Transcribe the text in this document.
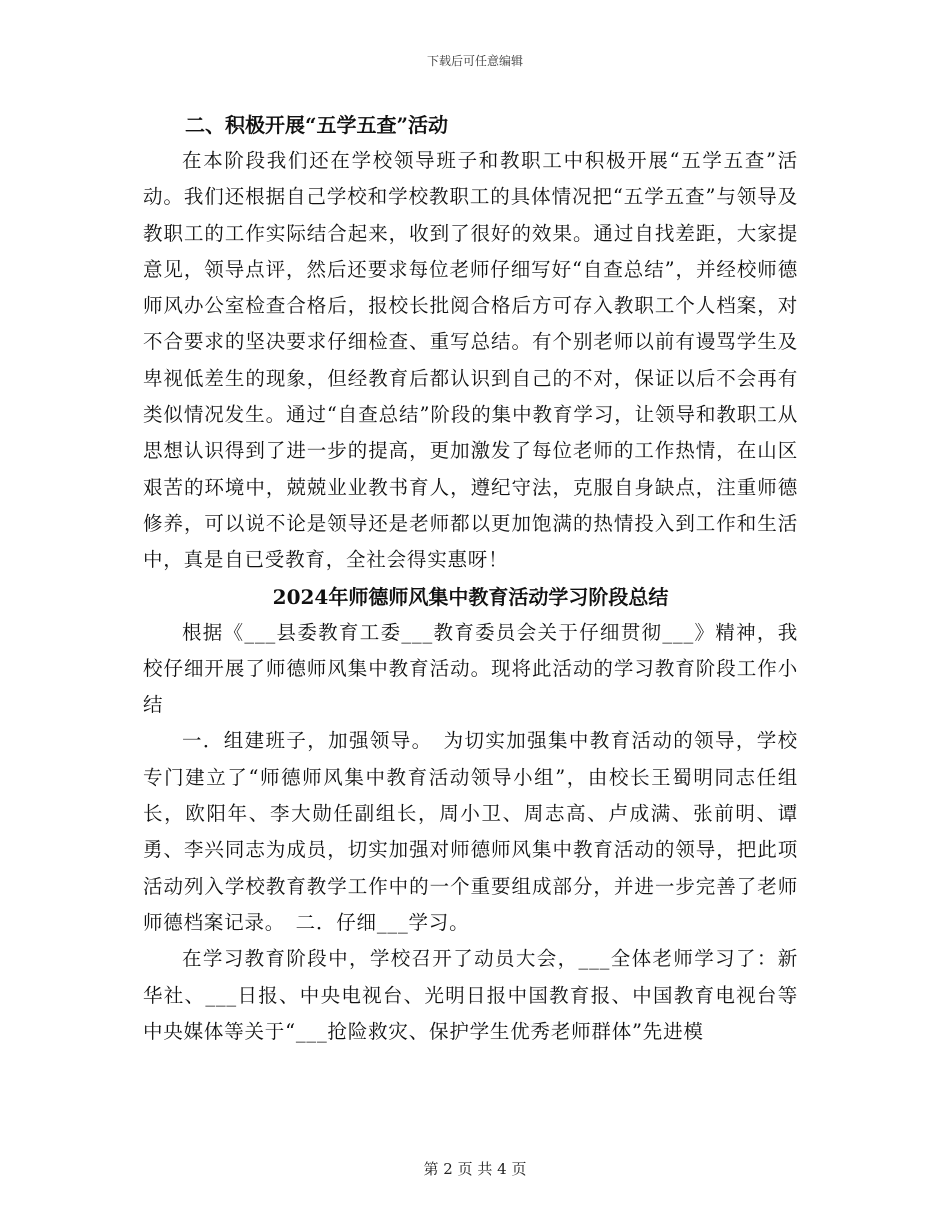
下载后可任意编辑

二、积极开展“五学五查”活动

在本阶段我们还在学校领导班子和教职工中积极开展“五学五查”活动。我们还根据自己学校和学校教职工的具体情况把“五学五查”与领导及教职工的工作实际结合起来，收到了很好的效果。通过自找差距，大家提意见，领导点评，然后还要求每位老师仔细写好“自查总结”，并经校师德师风办公室检查合格后，报校长批阅合格后方可存入教职工个人档案，对不合要求的坚决要求仔细检查、重写总结。有个别老师以前有谩骂学生及卑视低差生的现象，但经教育后都认识到自己的不对，保证以后不会再有类似情况发生。通过“自查总结”阶段的集中教育学习，让领导和教职工从思想认识得到了进一步的提高，更加激发了每位老师的工作热情，在山区艰苦的环境中，兢兢业业教书育人，遵纪守法，克服自身缺点，注重师德修养，可以说不论是领导还是老师都以更加饱满的热情投入到工作和生活中，真是自已受教育，全社会得实惠呀！

2024年师德师风集中教育活动学习阶段总结

根据《___县委教育工委___教育委员会关于仔细贯彻___》精神，我校仔细开展了师德师风集中教育活动。现将此活动的学习教育阶段工作小结

一．组建班子，加强领导。　为切实加强集中教育活动的领导，学校专门建立了“师德师风集中教育活动领导小组”，由校长王蜀明同志任组长，欧阳年、李大勋任副组长，周小卫、周志高、卢成满、张前明、谭勇、李兴同志为成员，切实加强对师德师风集中教育活动的领导，把此项活动列入学校教育教学工作中的一个重要组成部分，并进一步完善了老师师德档案记录。　二．仔细___学习。

在学习教育阶段中，学校召开了动员大会，___全体老师学习了：新华社、___日报、中央电视台、光明日报中国教育报、中国教育电视台等中央媒体等关于“___抢险救灾、保护学生优秀老师群体”先进模

第 2 页 共 4 页
